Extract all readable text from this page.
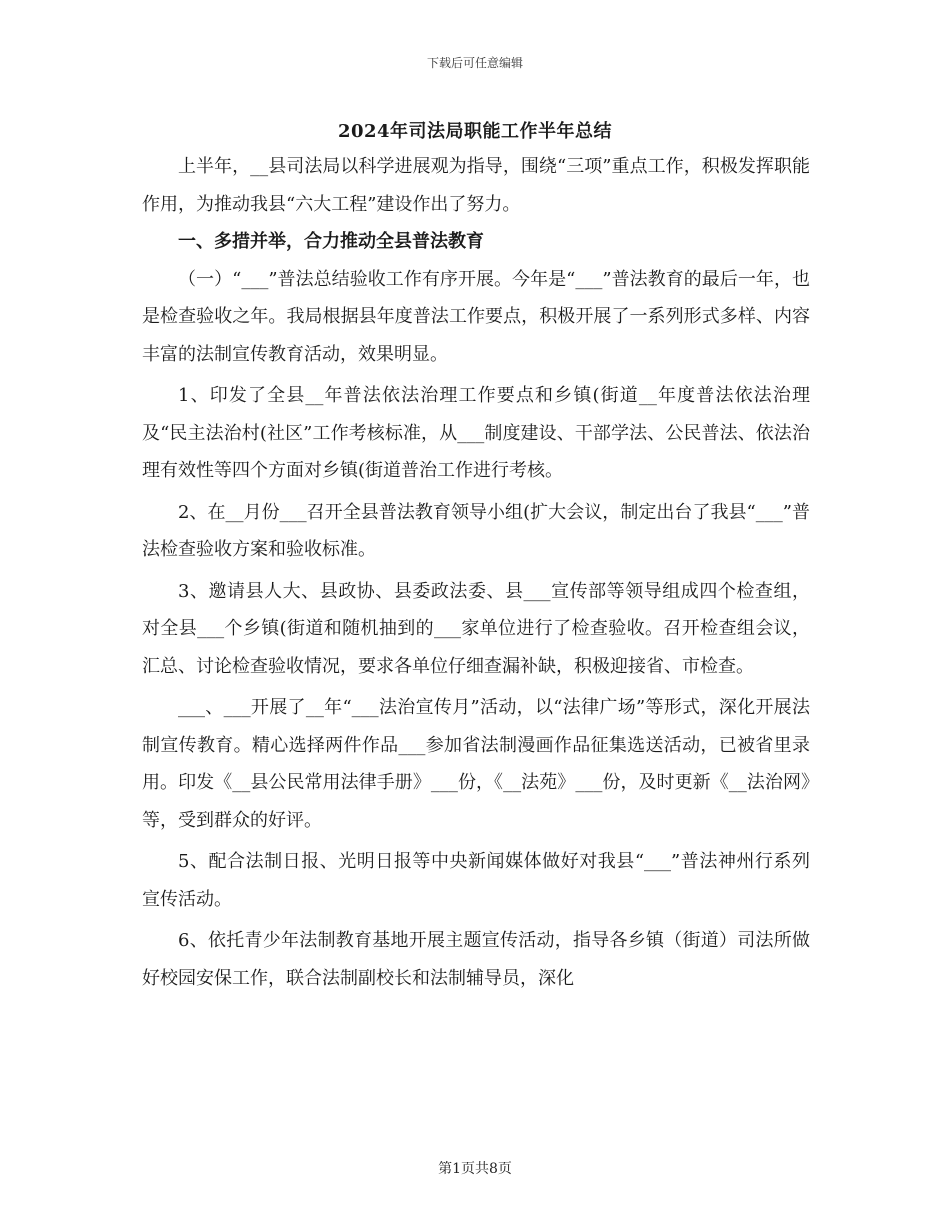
下载后可任意编辑
2024年司法局职能工作半年总结

上半年，__县司法局以科学进展观为指导，围绕“三项”重点工作，积极发挥职能作用，为推动我县“六大工程”建设作出了努力。

一、多措并举，合力推动全县普法教育

（一）“___”普法总结验收工作有序开展。今年是“___”普法教育的最后一年，也是检查验收之年。我局根据县年度普法工作要点，积极开展了一系列形式多样、内容丰富的法制宣传教育活动，效果明显。

1、印发了全县__年普法依法治理工作要点和乡镇(街道__年度普法依法治理及“民主法治村(社区”工作考核标准，从___制度建设、干部学法、公民普法、依法治理有效性等四个方面对乡镇(街道普治工作进行考核。

2、在__月份___召开全县普法教育领导小组(扩大会议，制定出台了我县“___”普法检查验收方案和验收标准。

3、邀请县人大、县政协、县委政法委、县___宣传部等领导组成四个检查组，对全县___个乡镇(街道和随机抽到的___家单位进行了检查验收。召开检查组会议，汇总、讨论检查验收情况，要求各单位仔细查漏补缺，积极迎接省、市检查。

___、___开展了__年“___法治宣传月”活动，以“法律广场”等形式，深化开展法制宣传教育。精心选择两件作品___参加省法制漫画作品征集选送活动，已被省里录用。印发《__县公民常用法律手册》___份，《__法苑》___份，及时更新《__法治网》等，受到群众的好评。

5、配合法制日报、光明日报等中央新闻媒体做好对我县“___”普法神州行系列宣传活动。

6、依托青少年法制教育基地开展主题宣传活动，指导各乡镇（街道）司法所做好校园安保工作，联合法制副校长和法制辅导员，深化

第1页共8页
